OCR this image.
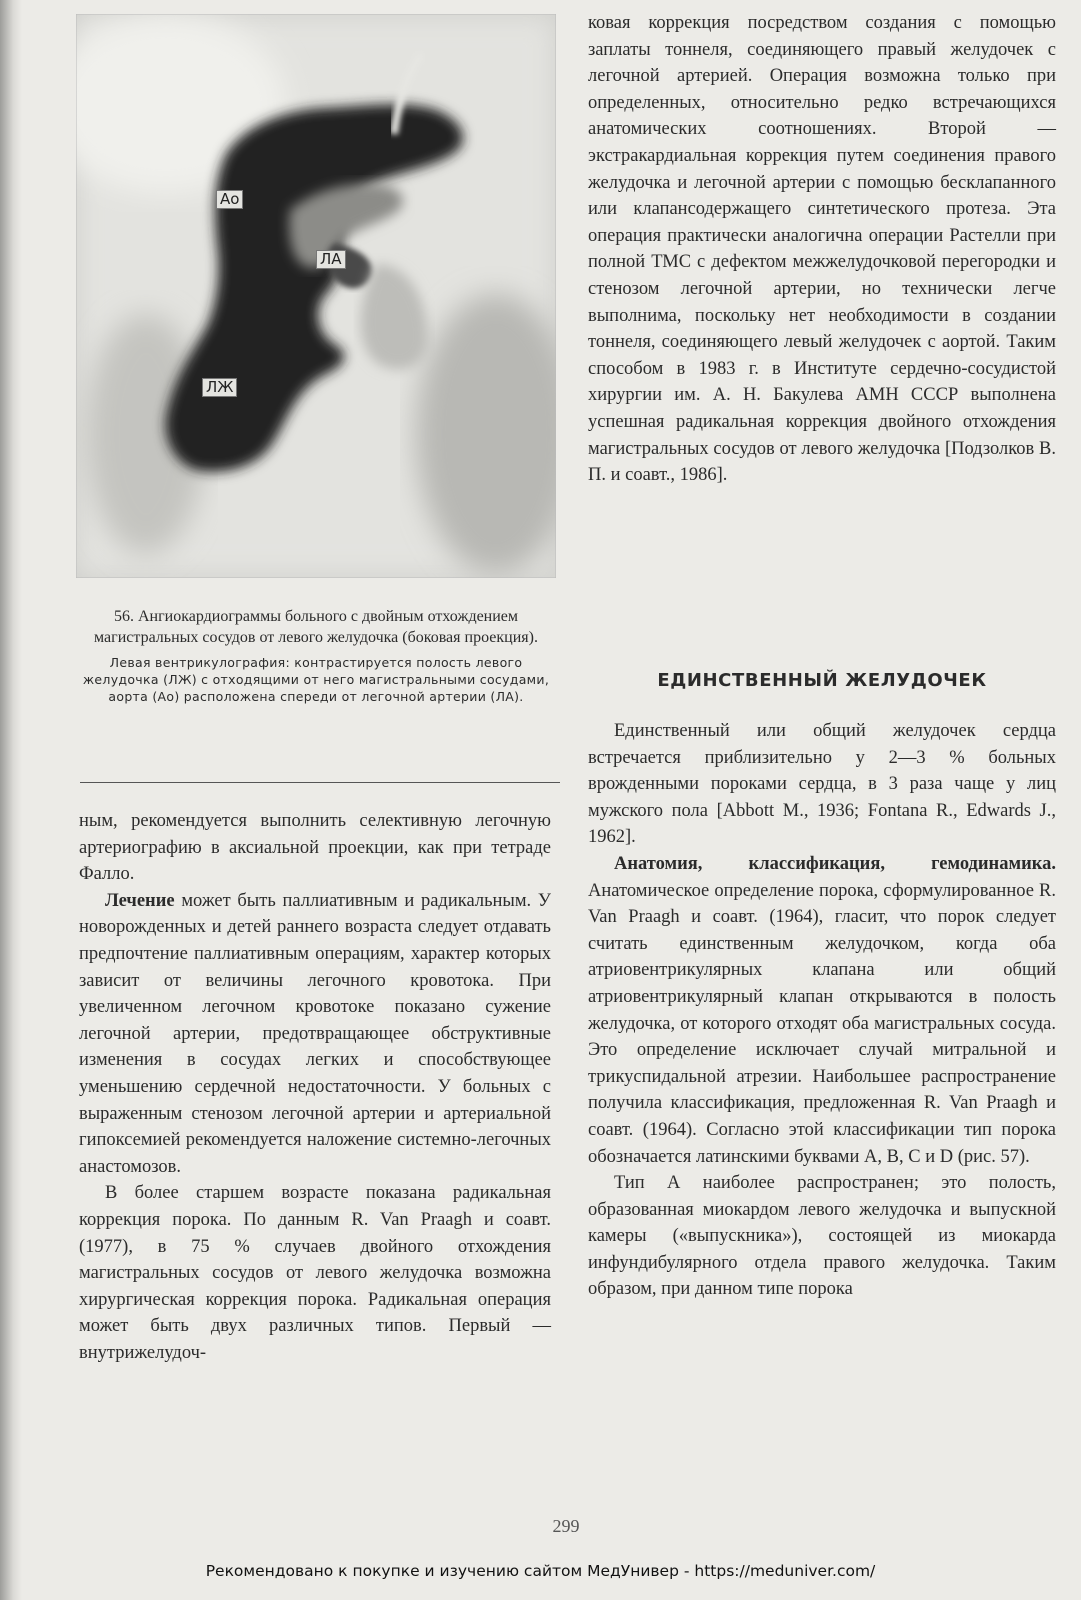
Ао
ЛА
ЛЖ

56. Ангиокардиограммы больного с двойным отхождением магистральных сосудов от левого желудочка (боковая проекция).

Левая вентрикулография: контрастируется полость левого желудочка (ЛЖ) с отходящими от него магистральными сосудами, аорта (Ао) расположена спереди от легочной артерии (ЛА).

ным, рекомендуется выполнить селективную легочную артериографию в аксиальной проекции, как при тетраде Фалло.

Лечение может быть паллиативным и радикальным. У новорожденных и детей раннего возраста следует отдавать предпочтение паллиативным операциям, характер которых зависит от величины легочного кровотока. При увеличенном легочном кровотоке показано сужение легочной артерии, предотвращающее обструктивные изменения в сосудах легких и способствующее уменьшению сердечной недостаточности. У больных с выраженным стенозом легочной артерии и артериальной гипоксемией рекомендуется наложение системно-легочных анастомозов.

В более старшем возрасте показана радикальная коррекция порока. По данным R. Van Praagh и соавт. (1977), в 75 % случаев двойного отхождения магистральных сосудов от левого желудочка возможна хирургическая коррекция порока. Радикальная операция может быть двух различных типов. Первый — внутрижелудоч-

ковая коррекция посредством создания с помощью заплаты тоннеля, соединяющего правый желудочек с легочной артерией. Операция возможна только при определенных, относительно редко встречающихся анатомических соотношениях. Второй — экстракардиальная коррекция путем соединения правого желудочка и легочной артерии с помощью бесклапанного или клапансодержащего синтетического протеза. Эта операция практически аналогична операции Растелли при полной ТМС с дефектом межжелудочковой перегородки и стенозом легочной артерии, но технически легче выполнима, поскольку нет необходимости в создании тоннеля, соединяющего левый желудочек с аортой. Таким способом в 1983 г. в Институте сердечно-сосудистой хирургии им. А. Н. Бакулева АМН СССР выполнена успешная радикальная коррекция двойного отхождения магистральных сосудов от левого желудочка [Подзолков В. П. и соавт., 1986].

ЕДИНСТВЕННЫЙ ЖЕЛУДОЧЕК

Единственный или общий желудочек сердца встречается приблизительно у 2—3 % больных врожденными пороками сердца, в 3 раза чаще у лиц мужского пола [Abbott M., 1936; Fontana R., Edwards J., 1962].

Анатомия, классификация, гемодинамика. Анатомическое определение порока, сформулированное R. Van Praagh и соавт. (1964), гласит, что порок следует считать единственным желудочком, когда оба атриовентрикулярных клапана или общий атриовентрикулярный клапан открываются в полость желудочка, от которого отходят оба магистральных сосуда. Это определение исключает случай митральной и трикуспидальной атрезии. Наибольшее распространение получила классификация, предложенная R. Van Praagh и соавт. (1964). Согласно этой классификации тип порока обозначается латинскими буквами А, В, С и D (рис. 57).

Тип А наиболее распространен; это полость, образованная миокардом левого желудочка и выпускной камеры («выпускника»), состоящей из миокарда инфундибулярного отдела правого желудочка. Таким образом, при данном типе порока

299
Рекомендовано к покупке и изучению сайтом МедУнивер - https://meduniver.com/
